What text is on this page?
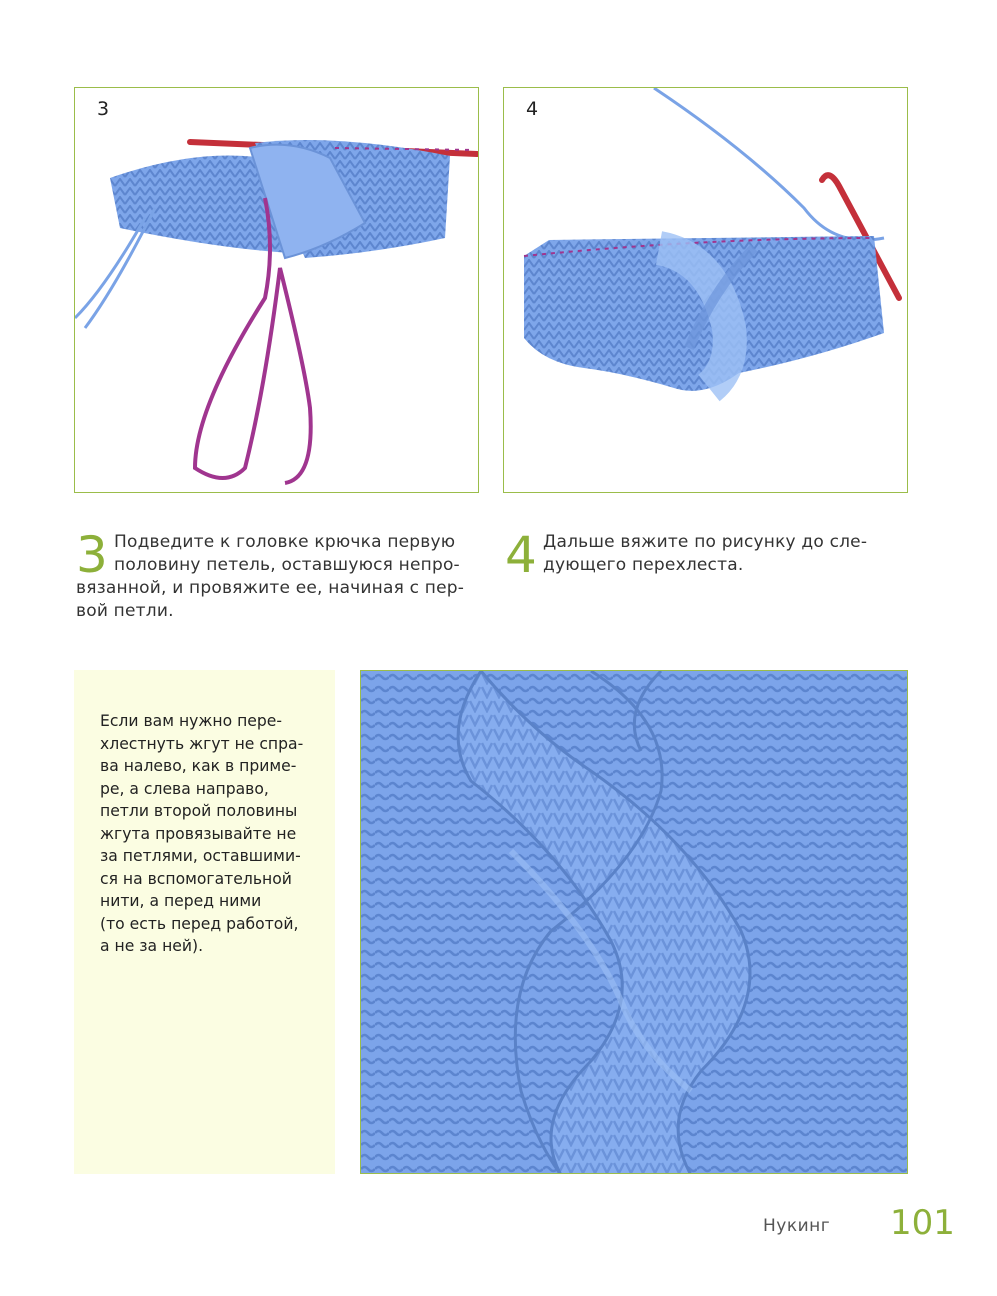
3	4
3 Подведите к головке крючка первую
половину петель, оставшуюся непро-
вязанной, и провяжите ее, начиная с пер-
вой петли.
4 Дальше вяжите по рисунку до сле-
дующего перехлеста.
Если вам нужно пере-
хлестнуть жгут не спра-
ва налево, как в приме-
ре, а слева направо,
петли второй половины
жгута провязывайте не
за петлями, оставшими-
ся на вспомогательной
нити, а перед ними
(то есть перед работой,
а не за ней).
Нукинг 101
